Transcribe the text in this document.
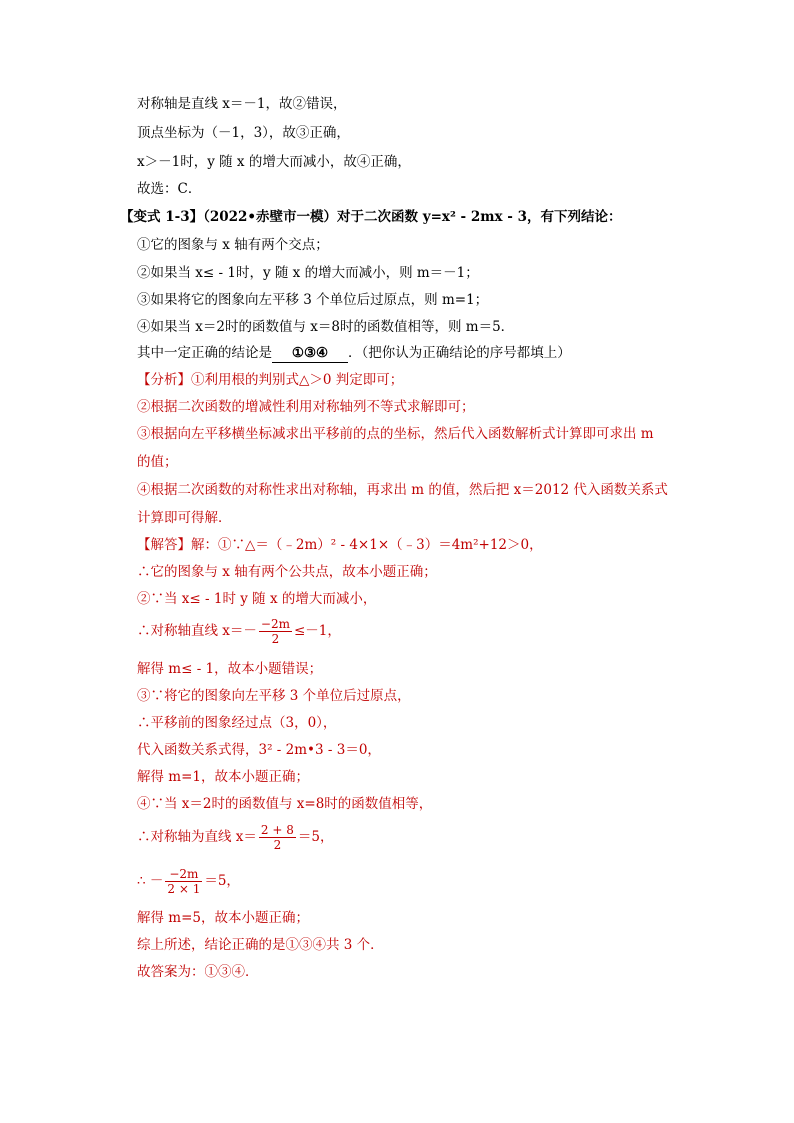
对称轴是直线 x＝－1，故②错误，
顶点坐标为（－1，3），故③正确，
x＞－1时，y 随 x 的增大而减小，故④正确，
故选：C．
【变式 1-3】（2022•赤壁市一模）对于二次函数 y=x² - 2mx - 3，有下列结论：
①它的图象与 x 轴有两个交点；
②如果当 x≤ - 1时，y 随 x 的增大而减小，则 m＝－1；
③如果将它的图象向左平移 3 个单位后过原点，则 m=1；
④如果当 x＝2时的函数值与 x＝8时的函数值相等，则 m＝5．
其中一定正确的结论是 ①③④ ．（把你认为正确结论的序号都填上）
【分析】①利用根的判别式△＞0 判定即可；
②根据二次函数的增减性利用对称轴列不等式求解即可；
③根据向左平移横坐标减求出平移前的点的坐标，然后代入函数解析式计算即可求出 m
的值；
④根据二次函数的对称性求出对称轴，再求出 m 的值，然后把 x＝2012 代入函数关系式
计算即可得解．
【解答】解：①∵△＝（﹣2m）² - 4×1×（﹣3）＝4m²+12＞0，
∴它的图象与 x 轴有两个公共点，故本小题正确；
②∵当 x≤ - 1时 y 随 x 的增大而减小，
∴对称轴直线 $x=- \frac{-2m}{2} \le-1$，
解得 m≤ - 1，故本小题错误；
③∵将它的图象向左平移 3 个单位后过原点，
∴平移前的图象经过点（3，0），
代入函数关系式得，3² - 2m•3 - 3＝0，
解得 m=1，故本小题正确；
④∵当 x＝2时的函数值与 x=8时的函数值相等，
∴对称轴为直线 $x= \frac{2 + 8}{2} =5$，
∴ － $\frac{-2m}{2 \times 1} =5$，
解得 m=5，故本小题正确；
综上所述，结论正确的是①③④共 3 个．
故答案为：①③④．
